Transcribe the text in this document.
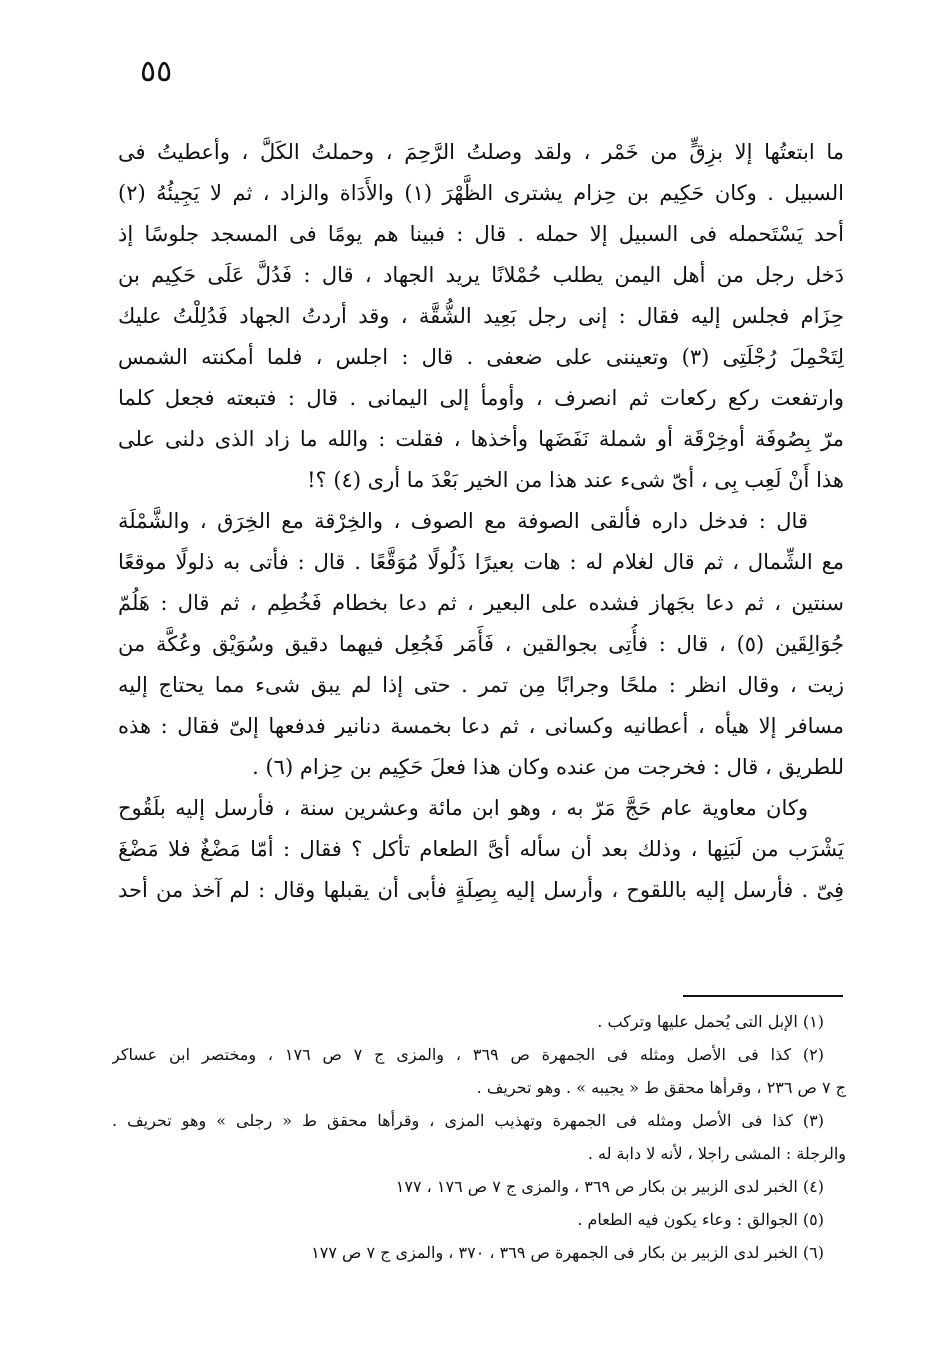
٥٥
ما ابتعتُها إلا بزِقٍّ من خَمْر ، ولقد وصلتُ الرَّحِمَ ، وحملتُ الكَلَّ ، وأعطيتُ فى
السبيل . وكان حَكِيم بن حِزام يشترى الظَّهْرَ (١) والأَدَاة والزاد ، ثم لا يَجِيئُهُ (٢)
أحد يَسْتَحمله فى السبيل إلا حمله . قال : فبينا هم يومًا فى المسجد جلوسًا إذ
دَخل رجل من أهل اليمن يطلب حُمْلانًا يريد الجهاد ، قال : فَدُلَّ عَلَى حَكِيم بن
حِزَام فجلس إليه فقال : إنى رجل بَعِيد الشُّقَّة ، وقد أردتُ الجهاد فَدُلِلْتُ عليك
لِتَحْمِلَ رُجْلَتِى (٣) وتعيننى على ضعفى . قال : اجلس ، فلما أمكنته الشمس
وارتفعت ركع ركعات ثم انصرف ، وأومأ إلى اليمانى . قال : فتبعته فجعل كلما
مرّ بِصُوفَة أوخِرْقَة أو شملة نَفَضَها وأخذها ، فقلت : والله ما زاد الذى دلنى على
هذا أَنْ لَعِب بِى ، أىّ شىء عند هذا من الخير بَعْدَ ما أرى (٤) ؟!
قال : فدخل داره فألقى الصوفة مع الصوف ، والخِرْقة مع الخِرَق ، والشَّمْلَة
مع الشِّمال ، ثم قال لغلام له : هات بعيرًا ذَلُولًا مُوَقَّعًا . قال : فأتى به ذلولًا موقعًا
سنتين ، ثم دعا بجَهاز فشده على البعير ، ثم دعا بخطام فَخُطِم ، ثم قال : هَلُمّ
جُوَالِقَين (٥) ، قال : فأُتِى بجوالقين ، فَأَمَر فَجُعِل فيهما دقيق وسُوَيْق وعُكَّة من
زيت ، وقال انظر : ملحًا وجرابًا مِن تمر . حتى إذا لم يبق شىء مما يحتاج إليه
مسافر إلا هيأه ، أعطانيه وكسانى ، ثم دعا بخمسة دنانير فدفعها إلىّ فقال : هذه
للطريق ، قال : فخرجت من عنده وكان هذا فعلَ حَكِيم بن حِزام (٦) .
وكان معاوية عام حَجَّ مَرّ به ، وهو ابن مائة وعشرين سنة ، فأرسل إليه بلَقُوح
يَشْرَب من لَبَنِها ، وذلك بعد أن سأله أىَّ الطعام تأكل ؟ فقال : أمّا مَضْغٌ فلا مَضْغَ
فِىّ . فأرسل إليه باللقوح ، وأرسل إليه بِصِلَةٍ فأبى أن يقبلها وقال : لم آخذ من أحد
(١) الإبل التى يُحمل عليها وتركب .
(٢) كذا فى الأصل ومثله فى الجمهرة ص ٣٦٩ ، والمزى ج ٧ ص ١٧٦ ، ومختصر ابن عساكر
ج ٧ ص ٢٣٦ ، وقرأها محقق ط « يجيبه » . وهو تحريف .
(٣) كذا فى الأصل ومثله فى الجمهرة وتهذيب المزى ، وقرأها محقق ط « رجلى » وهو تحريف .
والرجلة : المشى راجلا ، لأنه لا دابة له .
(٤) الخبر لدى الزبير بن بكار ص ٣٦٩ ، والمزى ج ٧ ص ١٧٦ ، ١٧٧
(٥) الجوالق : وعاء يكون فيه الطعام .
(٦) الخبر لدى الزبير بن بكار فى الجمهرة ص ٣٦٩ ، ٣٧٠ ، والمزى ج ٧ ص ١٧٧
